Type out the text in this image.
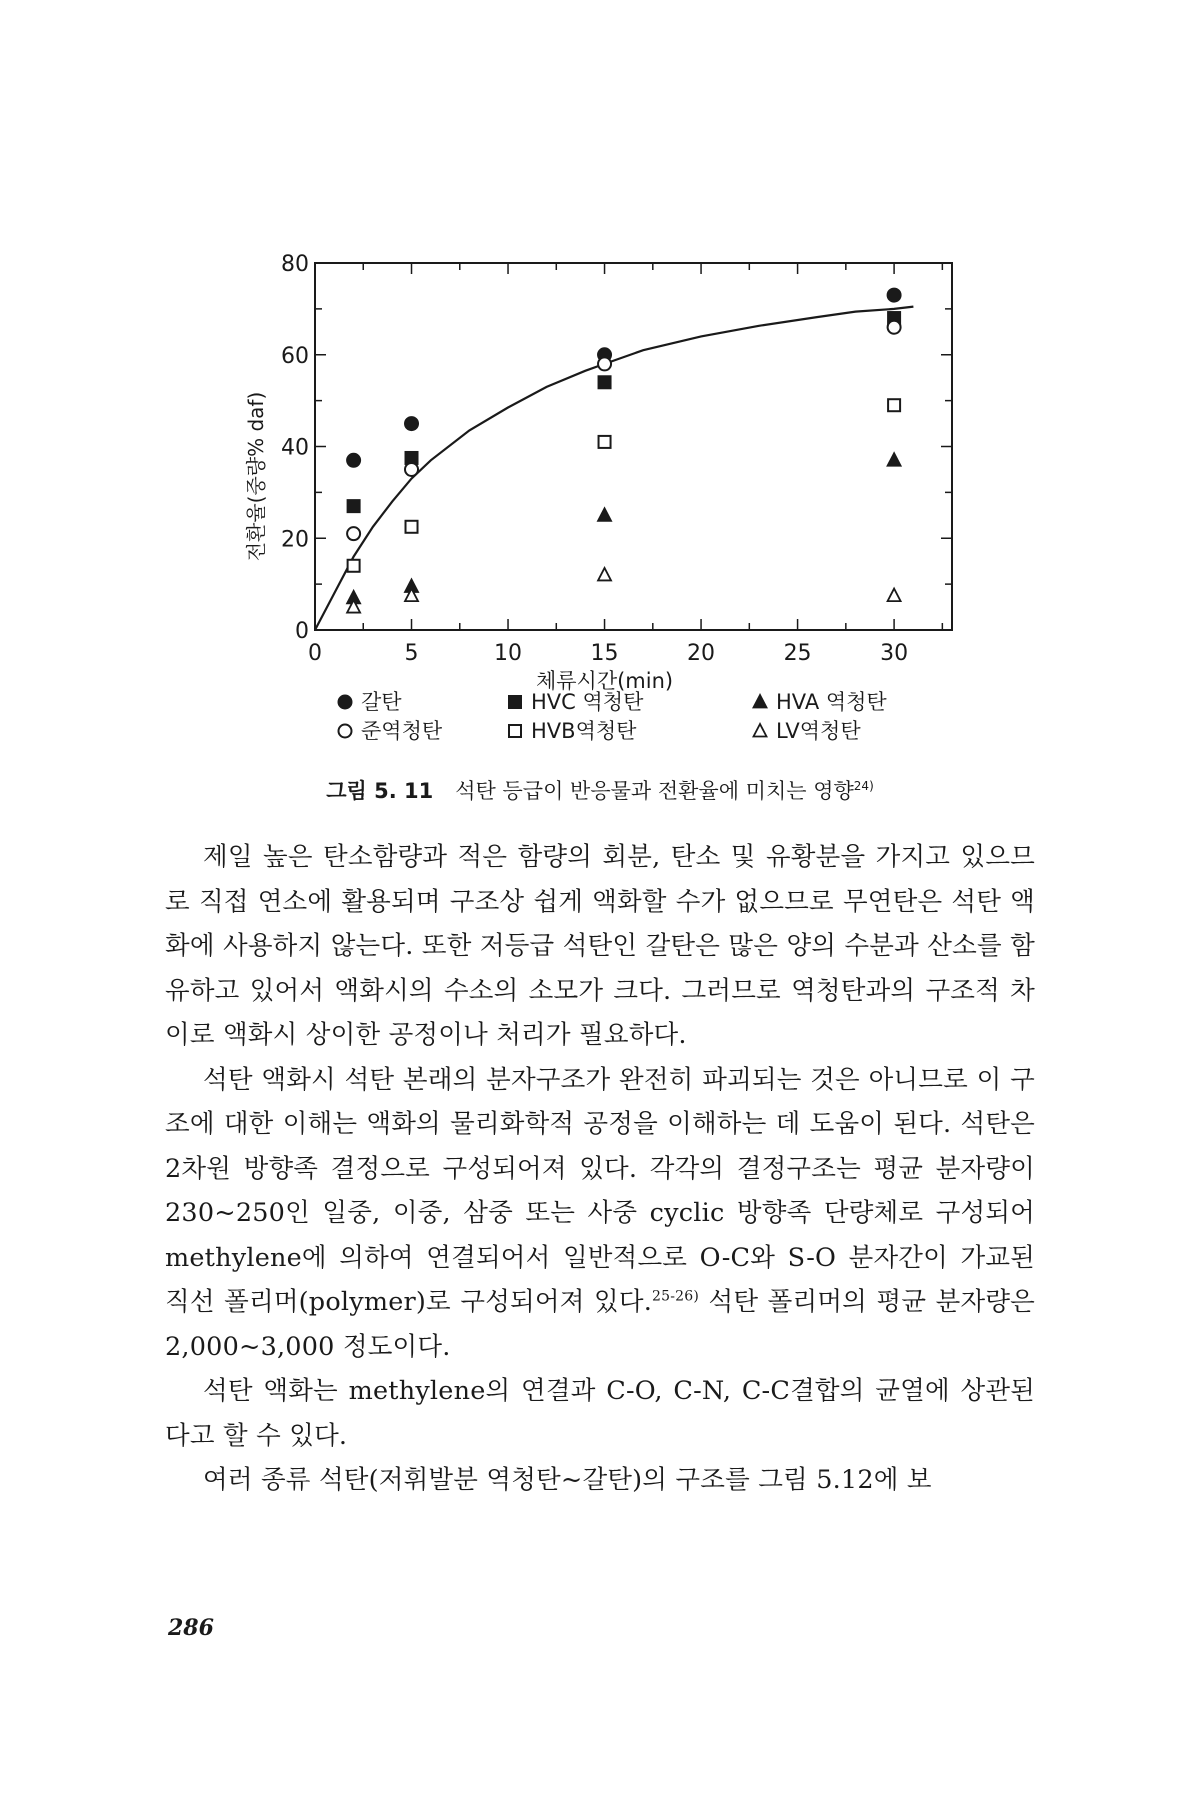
0	5	10	15	20	25	30
0
20
40
60
80
체류시간(min)
전환율(중량% daf)
갈탄	HVC 역청탄	HVA 역청탄
준역청탄	HVB역청탄	LV역청탄
그림 5. 11 석탄 등급이 반응물과 전환율에 미치는 영향$^{24)}$

제일 높은 탄소함량과 적은 함량의 회분, 탄소 및 유황분을 가지고 있으므로 직접 연소에 활용되며 구조상 쉽게 액화할 수가 없으므로 무연탄은 석탄 액화에 사용하지 않는다. 또한 저등급 석탄인 갈탄은 많은 양의 수분과 산소를 함유하고 있어서 액화시의 수소의 소모가 크다. 그러므로 역청탄과의 구조적 차이로 액화시 상이한 공정이나 처리가 필요하다.

석탄 액화시 석탄 본래의 분자구조가 완전히 파괴되는 것은 아니므로 이 구조에 대한 이해는 액화의 물리화학적 공정을 이해하는 데 도움이 된다. 석탄은 2차원 방향족 결정으로 구성되어져 있다. 각각의 결정구조는 평균 분자량이 230~250인 일중, 이중, 삼중 또는 사중 cyclic 방향족 단량체로 구성되어 methylene에 의하여 연결되어서 일반적으로 O-C와 S-O 분자간이 가교된 직선 폴리머(polymer)로 구성되어져 있다.$^{25-26)}$ 석탄 폴리머의 평균 분자량은 2,000~3,000 정도이다.

석탄 액화는 methylene의 연결과 C-O, C-N, C-C결합의 균열에 상관된다고 할 수 있다.

여러 종류 석탄(저휘발분 역청탄~갈탄)의 구조를 그림 5.12에 보

286
